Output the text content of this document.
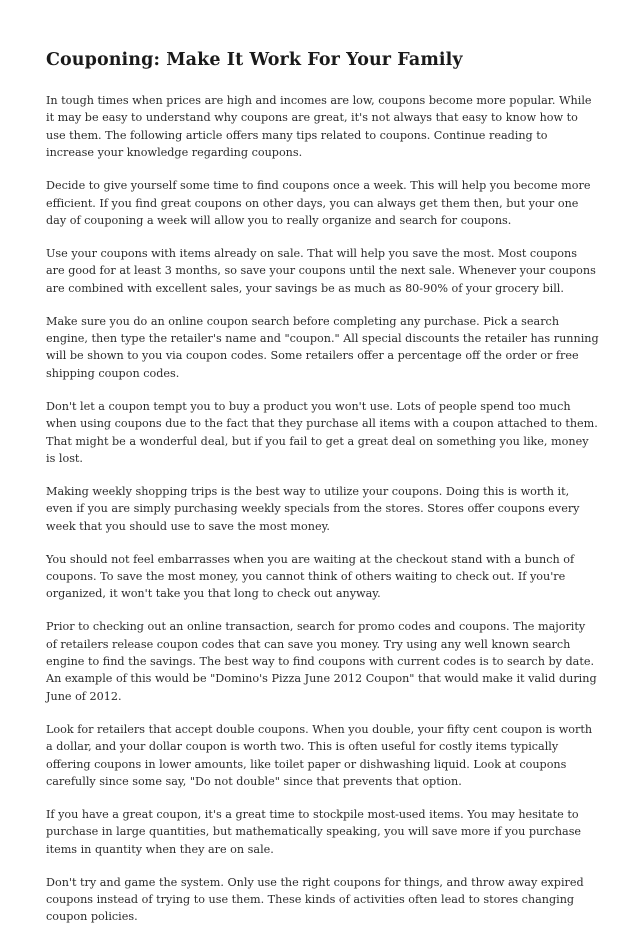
Couponing: Make It Work For Your Family

In tough times when prices are high and incomes are low, coupons become more popular. While it may be easy to understand why coupons are great, it's not always that easy to know how to use them. The following article offers many tips related to coupons. Continue reading to increase your knowledge regarding coupons.

Decide to give yourself some time to find coupons once a week. This will help you become more efficient. If you find great coupons on other days, you can always get them then, but your one day of couponing a week will allow you to really organize and search for coupons.

Use your coupons with items already on sale. That will help you save the most. Most coupons are good for at least 3 months, so save your coupons until the next sale. Whenever your coupons are combined with excellent sales, your savings be as much as 80-90% of your grocery bill.

Make sure you do an online coupon search before completing any purchase. Pick a search engine, then type the retailer's name and "coupon." All special discounts the retailer has running will be shown to you via coupon codes. Some retailers offer a percentage off the order or free shipping coupon codes.

Don't let a coupon tempt you to buy a product you won't use. Lots of people spend too much when using coupons due to the fact that they purchase all items with a coupon attached to them. That might be a wonderful deal, but if you fail to get a great deal on something you like, money is lost.

Making weekly shopping trips is the best way to utilize your coupons. Doing this is worth it, even if you are simply purchasing weekly specials from the stores. Stores offer coupons every week that you should use to save the most money.

You should not feel embarrasses when you are waiting at the checkout stand with a bunch of coupons. To save the most money, you cannot think of others waiting to check out. If you're organized, it won't take you that long to check out anyway.

Prior to checking out an online transaction, search for promo codes and coupons. The majority of retailers release coupon codes that can save you money. Try using any well known search engine to find the savings. The best way to find coupons with current codes is to search by date. An example of this would be "Domino's Pizza June 2012 Coupon" that would make it valid during June of 2012.

Look for retailers that accept double coupons. When you double, your fifty cent coupon is worth a dollar, and your dollar coupon is worth two. This is often useful for costly items typically offering coupons in lower amounts, like toilet paper or dishwashing liquid. Look at coupons carefully since some say, "Do not double" since that prevents that option.

If you have a great coupon, it's a great time to stockpile most-used items. You may hesitate to purchase in large quantities, but mathematically speaking, you will save more if you purchase items in quantity when they are on sale.

Don't try and game the system. Only use the right coupons for things, and throw away expired coupons instead of trying to use them. These kinds of activities often lead to stores changing coupon policies.
